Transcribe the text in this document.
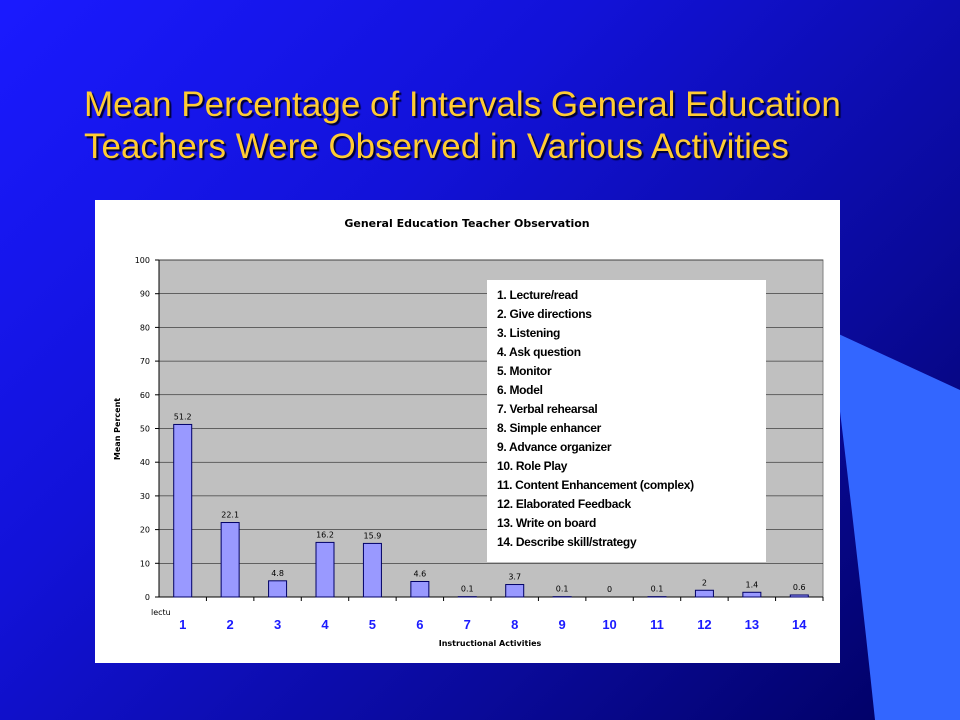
Mean Percentage of Intervals General Education Teachers Were Observed in Various Activities
General Education Teacher Observation
0
10
20
30
40
50
60
70
80
90
100
51.2
1
22.1
2
4.8
3
16.2
4
15.9
5
4.6
6
0.1
7
3.7
8
0.1
9
0
10
0.1
11
2
12
1.4
13
0.6
14
Mean Percent
Instructional Activities
lectu
1. Lecture/read
2. Give directions
3. Listening
4. Ask question
5. Monitor
6. Model
7. Verbal rehearsal
8. Simple enhancer
9. Advance organizer
10. Role Play
11. Content Enhancement (complex)
12. Elaborated Feedback
13. Write on board
14. Describe skill/strategy
